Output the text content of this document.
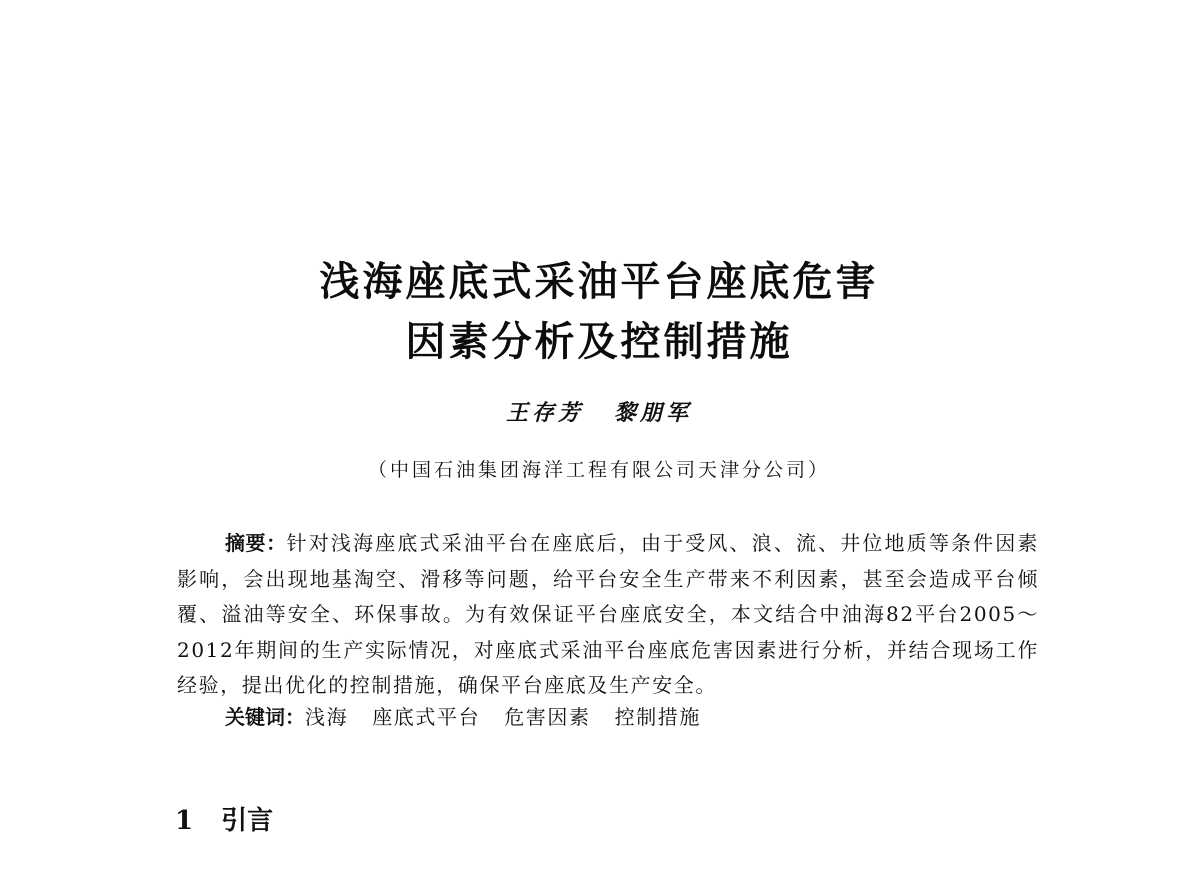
浅海座底式采油平台座底危害
因素分析及控制措施
王存芳 黎朋军
（中国石油集团海洋工程有限公司天津分公司）

摘要：针对浅海座底式采油平台在座底后，由于受风、浪、流、井位地质等条件因素影响，会出现地基淘空、滑移等问题，给平台安全生产带来不利因素，甚至会造成平台倾覆、溢油等安全、环保事故。为有效保证平台座底安全，本文结合中油海82平台2005～2012年期间的生产实际情况，对座底式采油平台座底危害因素进行分析，并结合现场工作经验，提出优化的控制措施，确保平台座底及生产安全。

关键词：浅海 座底式平台 危害因素 控制措施
1 引言
